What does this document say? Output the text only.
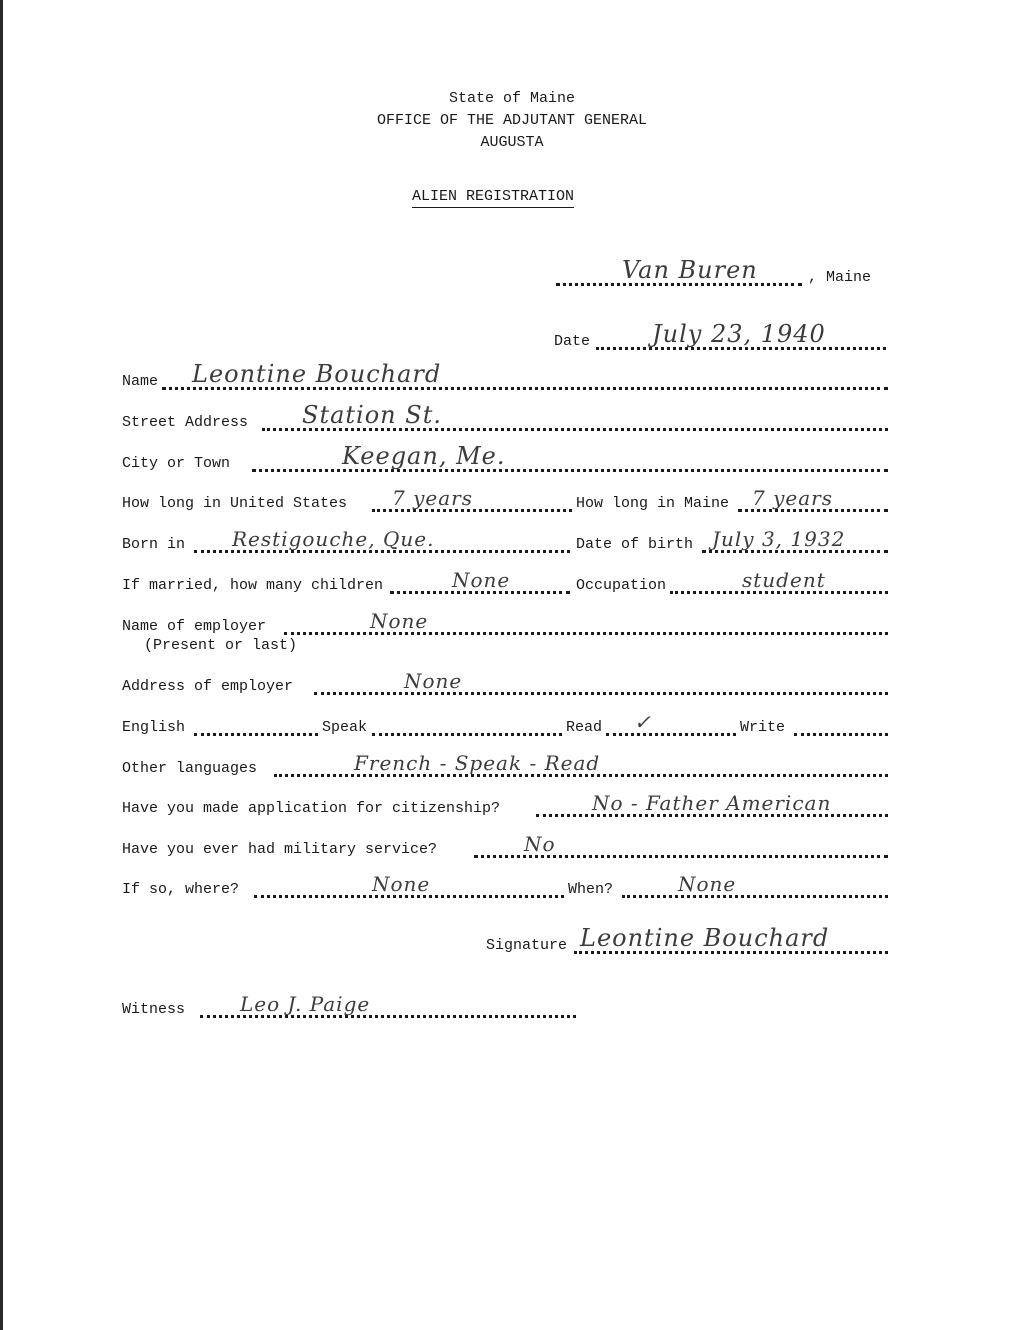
State of Maine
OFFICE OF THE ADJUTANT GENERAL
AUGUSTA
ALIEN REGISTRATION
Van Buren	, Maine
Date	July 23, 1940
Name Leontine Bouchard
Street Address Station St.
City or Town	Keegan, Me.
How long in United States 7 years	How long in Maine 7 years
Born in Restigouche, Que.	Date of birth July 3, 1932
If married, how many children	None	Occupation	student
Name of employer	None
(Present or last)
Address of employer	None
English	Speak	Read ✓	Write
Other languages	French - Speak - Read
Have you made application for citizenship?	No - Father American
Have you ever had military service?	No
If so, where?	None	When?	None
Signature Leontine Bouchard
Witness	Leo J. Paige
